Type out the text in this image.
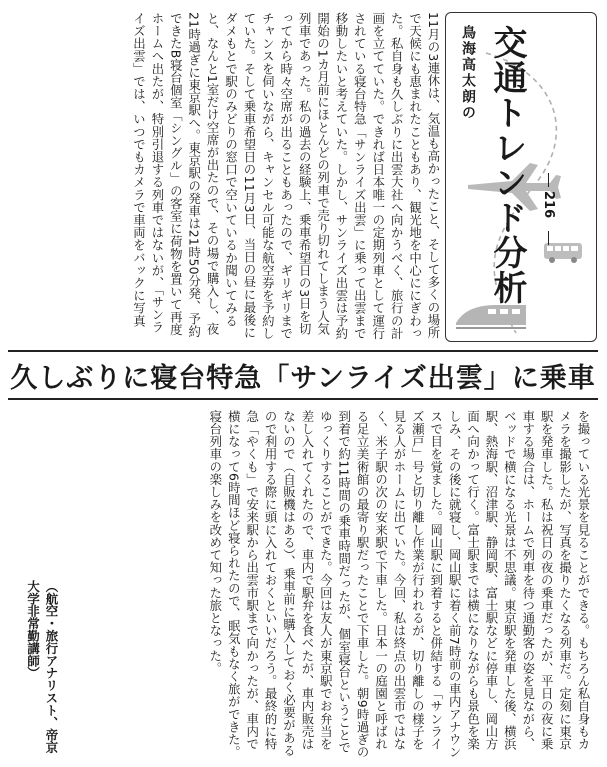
鳥海高太朗の 交通トレンド分析 216
11月の3連休は、気温も高かったこと、そして多くの場所で天候にも恵まれたこともあり、観光地を中心ににぎわった。私自身も久しぶりに出雲大社へ向かうべく、旅行の計画を立てていた。できれば日本唯一の定期列車として運行されている寝台特急「サンライズ出雲」に乗って出雲まで移動したいと考えていた。しかし、サンライズ出雲は予約開始の1カ月前にほとんどの列車で売り切れてしまう人気列車であった。私の過去の経験上、乗車希望日の3日を切ってから時々空席が出ることもあったので、ギリギリまでチャンスを伺いながら、キャンセル可能な航空券を予約していた。そして乗車希望日の11月3日、当日の昼に最後にダメもとで駅のみどりの窓口で空いているか聞いてみると、なんと1室だけ空席が出たので、その場で購入し、夜21時過ぎに東京駅へ。東京駅の発車は21時50分発、予約できたB寝台個室「シングル」の客室に荷物を置いて再度ホームへ出たが、特別引退する列車ではないが、「サンライズ出雲」では、いつでもカメラで車両をバックに写真
久しぶりに寝台特急「サンライズ出雲」に乗車
を撮っている光景を見ることができる。もちろん私自身もカメラを撮影したが、写真を撮りたくなる列車だ。定刻に東京駅を発車した。私は祝日の夜の乗車だったが、平日の夜に乗車する場合は、ホームで列車を待つ通勤客の姿を見ながら、ベッドで横になる光景は不思議。東京駅を発車した後、横浜駅、熱海駅、沼津駅、静岡駅、富士駅などに停車し、岡山方面へ向かって行く。富士駅までは横になりながらも景色を楽しみ、その後に就寝し、岡山駅に着く前7時前の車内アナウンスで目を覚ました。岡山駅に到着すると併結する「サンライズ瀬戸」号と切り離し作業が行われるが、切り離しの様子を見る人がホームに出ていた。今回、私は終点の出雲市ではなく、米子駅の次の安来駅で下車した。日本一の庭園と呼ばれる足立美術館の最寄り駅だったことで下車した。朝9時過ぎの到着で約11時間の乗車時間だったが、個室寝台ということでゆっくりすることができた。今回は友人が東京駅でお弁当を差し入れてくれたので、車内で駅弁を食べたが、車内販売はないので（自販機はある）、乗車前に購入しておく必要があるので利用する際に頭に入れておくといいだろう。最終的に特急「やくも」で安来駅から出雲市駅まで向かったが、車内で横になって6時間ほど寝られたので、眠気もなく旅ができた。寝台列車の楽しみを改めて知った旅となった。
（航空・旅行アナリスト、帝京大学非常勤講師）
